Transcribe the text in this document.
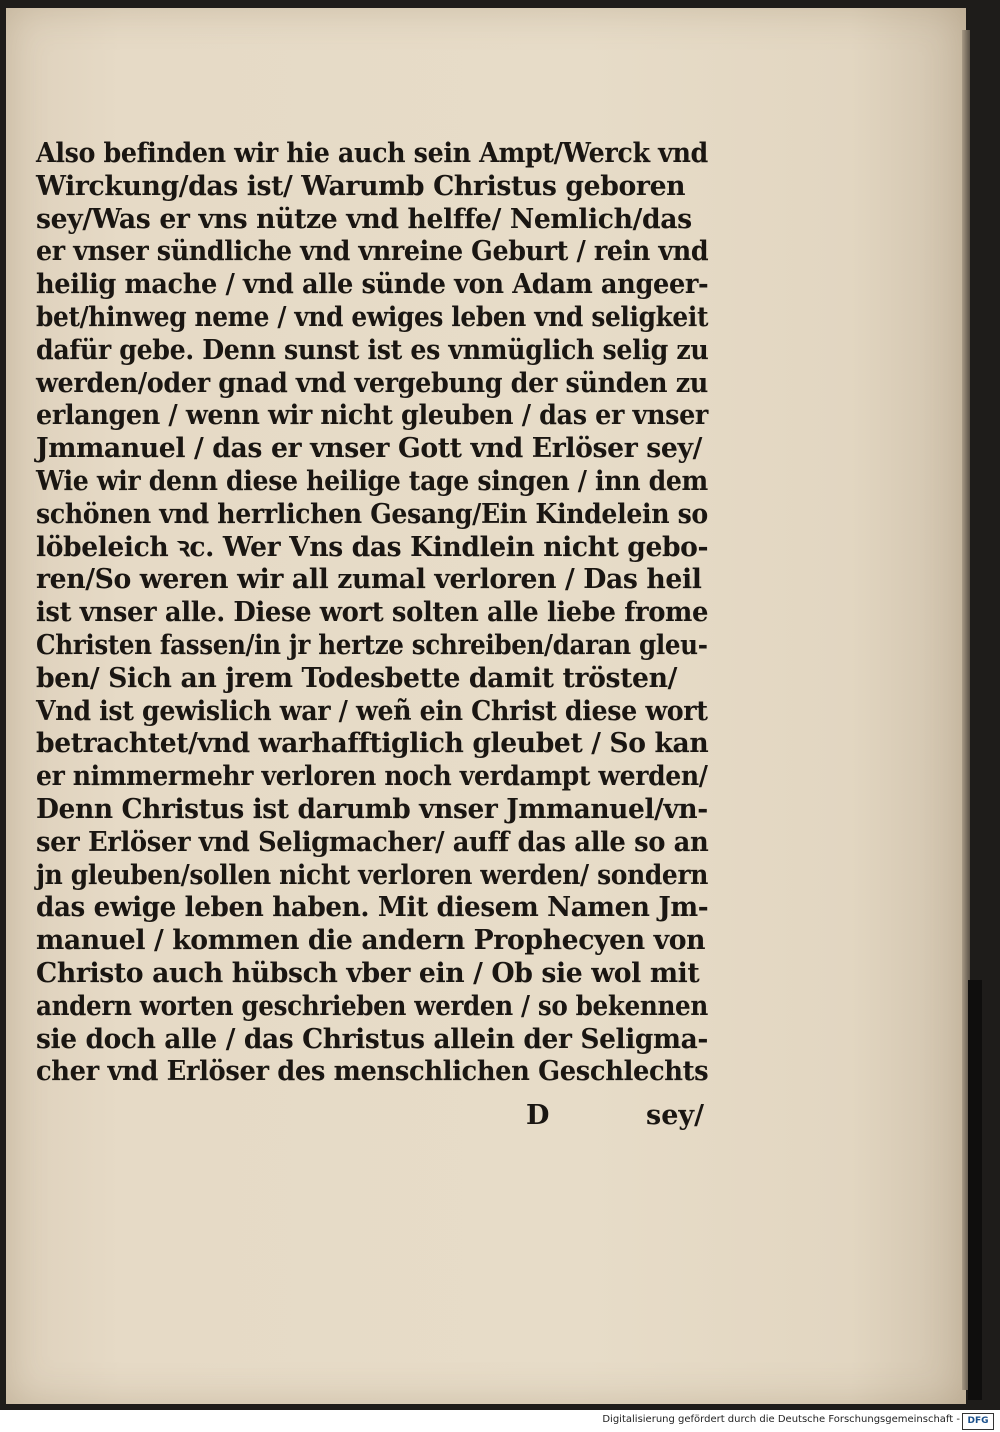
Also befinden wir hie auch sein Ampt/Werck vnd
Wirckung/das ist/ Warumb Christus geboren
sey/Was er vns nütze vnd helffe/ Nemlich/das
er vnser sündliche vnd vnreine Geburt / rein vnd
heilig mache / vnd alle sünde von Adam angeer-
bet/hinweg neme / vnd ewiges leben vnd seligkeit
dafür gebe. Denn sunst ist es vnmüglich selig zu
werden/oder gnad vnd vergebung der sünden zu
erlangen / wenn wir nicht gleuben / das er vnser
Jmmanuel / das er vnser Gott vnd Erlöser sey/
Wie wir denn diese heilige tage singen / inn dem
schönen vnd herrlichen Gesang/Ein Kindelein so
löbeleich ꝛc. Wer Vns das Kindlein nicht gebo-
ren/So weren wir all zumal verloren / Das heil
ist vnser alle. Diese wort solten alle liebe frome
Christen fassen/in jr hertze schreiben/daran gleu-
ben/ Sich an jrem Todesbette damit trösten/
Vnd ist gewislich war / weñ ein Christ diese wort
betrachtet/vnd warhafftiglich gleubet / So kan
er nimmermehr verloren noch verdampt werden/
Denn Christus ist darumb vnser Jmmanuel/vn-
ser Erlöser vnd Seligmacher/ auff das alle so an
jn gleuben/sollen nicht verloren werden/ sondern
das ewige leben haben. Mit diesem Namen Jm-
manuel / kommen die andern Prophecyen von
Christo auch hübsch vber ein / Ob sie wol mit
andern worten geschrieben werden / so bekennen
sie doch alle / das Christus allein der Seligma-
cher vnd Erlöser des menschlichen Geschlechts
D	sey/
Digitalisierung gefördert durch die Deutsche Forschungsgemeinschaft - DFG
